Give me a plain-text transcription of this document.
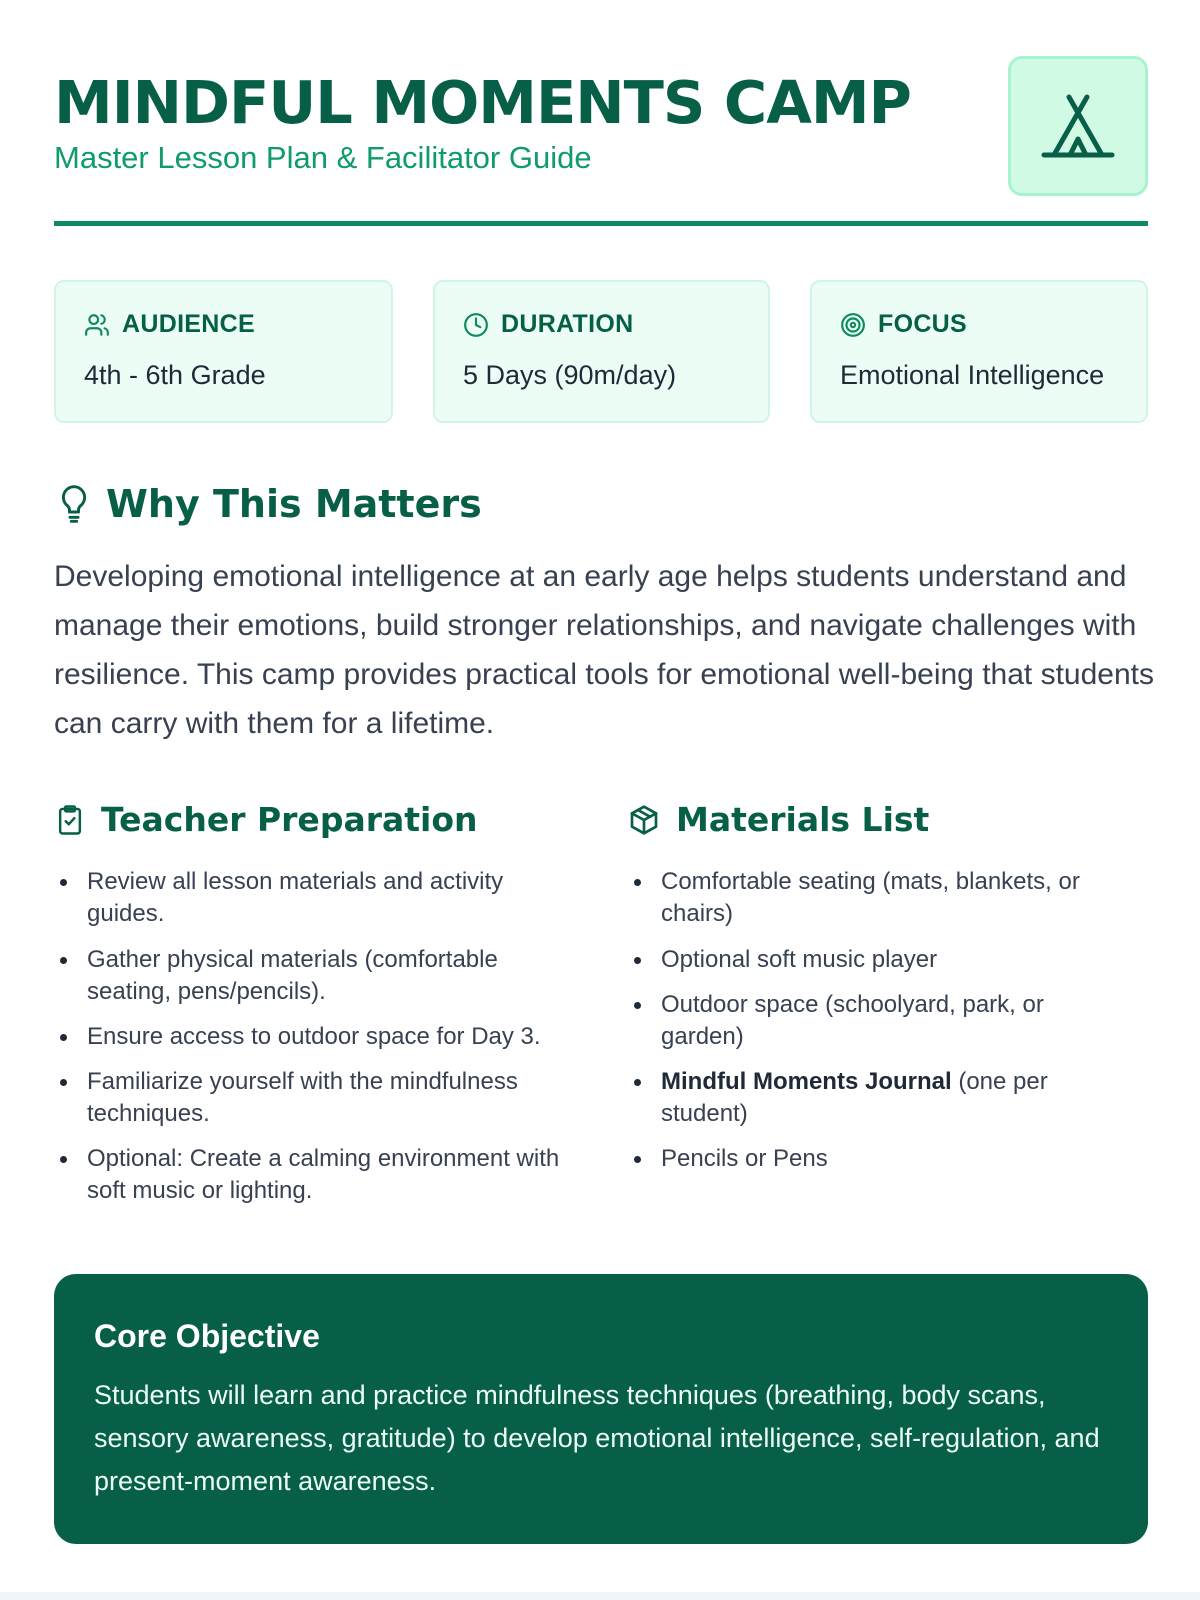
MINDFUL MOMENTS CAMP
Master Lesson Plan & Facilitator Guide
AUDIENCE
4th - 6th Grade
DURATION
5 Days (90m/day)
FOCUS
Emotional Intelligence
Why This Matters
Developing emotional intelligence at an early age helps students understand and manage their emotions, build stronger relationships, and navigate challenges with resilience. This camp provides practical tools for emotional well-being that students can carry with them for a lifetime.
Teacher Preparation
Review all lesson materials and activity guides.
Gather physical materials (comfortable seating, pens/pencils).
Ensure access to outdoor space for Day 3.
Familiarize yourself with the mindfulness techniques.
Optional: Create a calming environment with soft music or lighting.
Materials List
Comfortable seating (mats, blankets, or chairs)
Optional soft music player
Outdoor space (schoolyard, park, or garden)
Mindful Moments Journal (one per student)
Pencils or Pens
Core Objective
Students will learn and practice mindfulness techniques (breathing, body scans, sensory awareness, gratitude) to develop emotional intelligence, self-regulation, and present-moment awareness.
